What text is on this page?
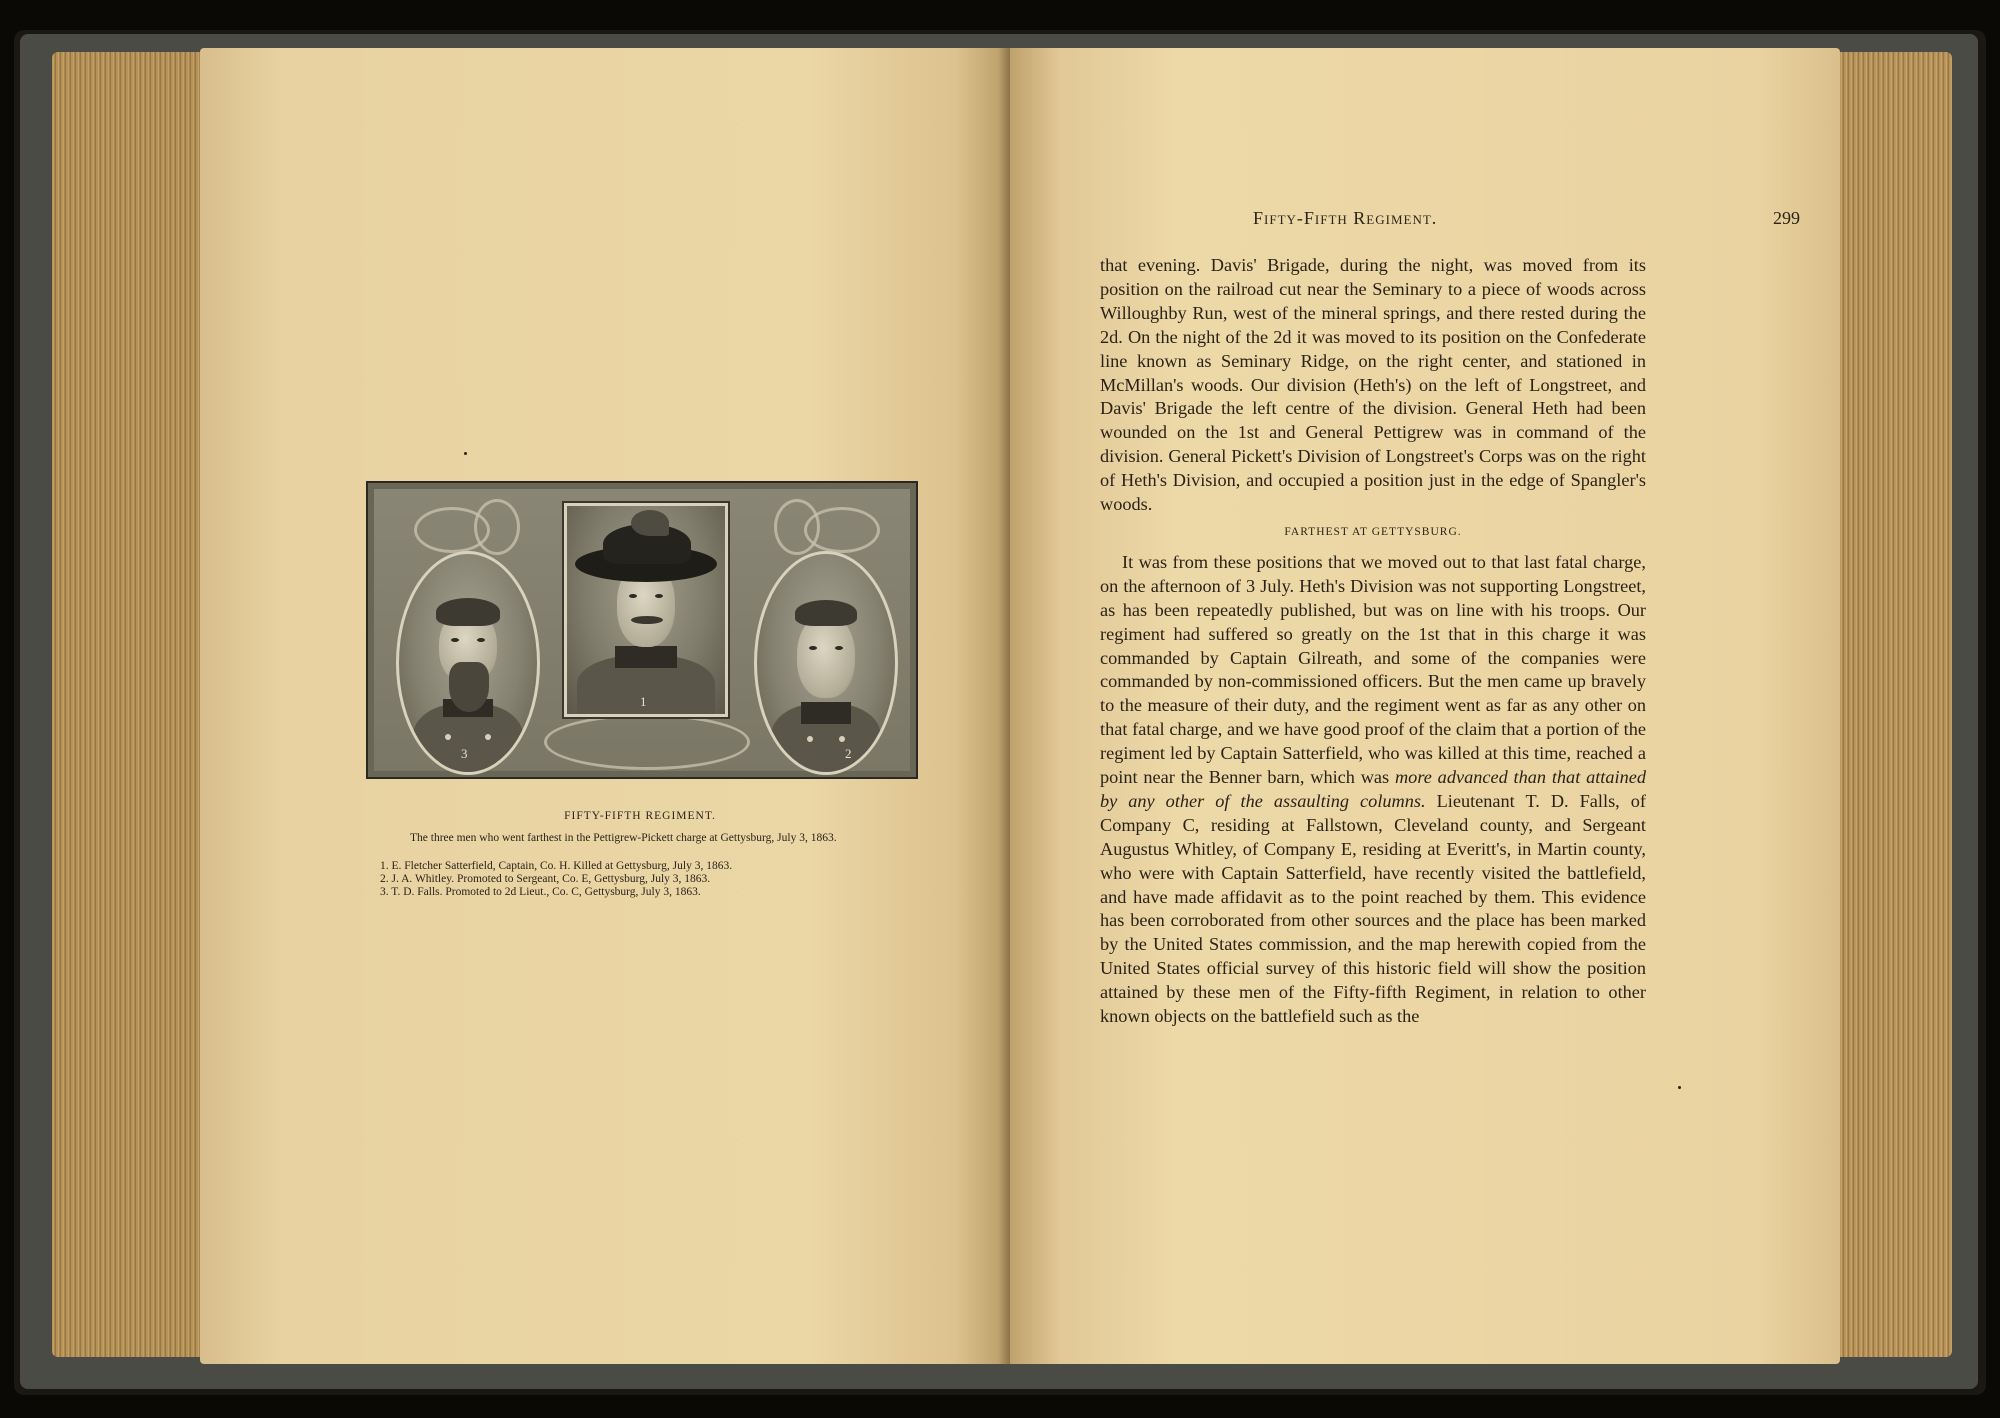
3
1
2
FIFTY-FIFTH REGIMENT.
The three men who went farthest in the Pettigrew-Pickett charge at Gettysburg, July 3, 1863.
1. E. Fletcher Satterfield, Captain, Co. H. Killed at Gettysburg, July 3, 1863.
2. J. A. Whitley. Promoted to Sergeant, Co. E, Gettysburg, July 3, 1863.
3. T. D. Falls. Promoted to 2d Lieut., Co. C, Gettysburg, July 3, 1863.
Fifty-Fifth Regiment.	299

that evening. Davis' Brigade, during the night, was moved from its position on the railroad cut near the Seminary to a piece of woods across Willoughby Run, west of the mineral springs, and there rested during the 2d. On the night of the 2d it was moved to its position on the Confederate line known as Seminary Ridge, on the right center, and stationed in McMillan's woods. Our division (Heth's) on the left of Longstreet, and Davis' Brigade the left centre of the division. General Heth had been wounded on the 1st and General Pettigrew was in command of the division. General Pickett's Division of Longstreet's Corps was on the right of Heth's Division, and occupied a position just in the edge of Spangler's woods.

FARTHEST AT GETTYSBURG.

It was from these positions that we moved out to that last fatal charge, on the afternoon of 3 July. Heth's Division was not supporting Longstreet, as has been repeatedly published, but was on line with his troops. Our regiment had suffered so greatly on the 1st that in this charge it was commanded by Captain Gilreath, and some of the companies were commanded by non-commissioned officers. But the men came up bravely to the measure of their duty, and the regiment went as far as any other on that fatal charge, and we have good proof of the claim that a portion of the regiment led by Captain Satterfield, who was killed at this time, reached a point near the Benner barn, which was more advanced than that attained by any other of the assaulting columns. Lieutenant T. D. Falls, of Company C, residing at Fallstown, Cleveland county, and Sergeant Augustus Whitley, of Company E, residing at Everitt's, in Martin county, who were with Captain Satterfield, have recently visited the battlefield, and have made affidavit as to the point reached by them. This evidence has been corroborated from other sources and the place has been marked by the United States commission, and the map herewith copied from the United States official survey of this historic field will show the position attained by these men of the Fifty-fifth Regiment, in relation to other known objects on the battlefield such as the
